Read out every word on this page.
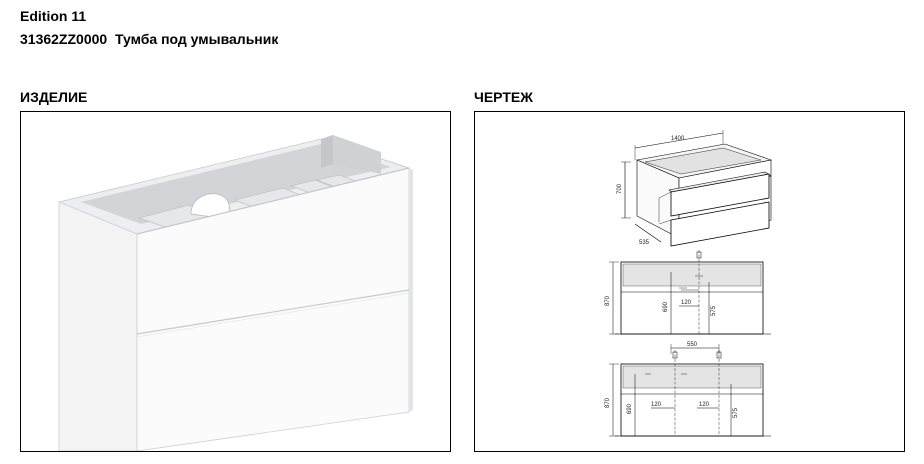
Edition 11
31362ZZ0000 Тумба под умывальник
ИЗДЕЛИЕ	ЧЕРТЕЖ
1400
700
535
870
690 120
575
550
870
690	120	120
575
